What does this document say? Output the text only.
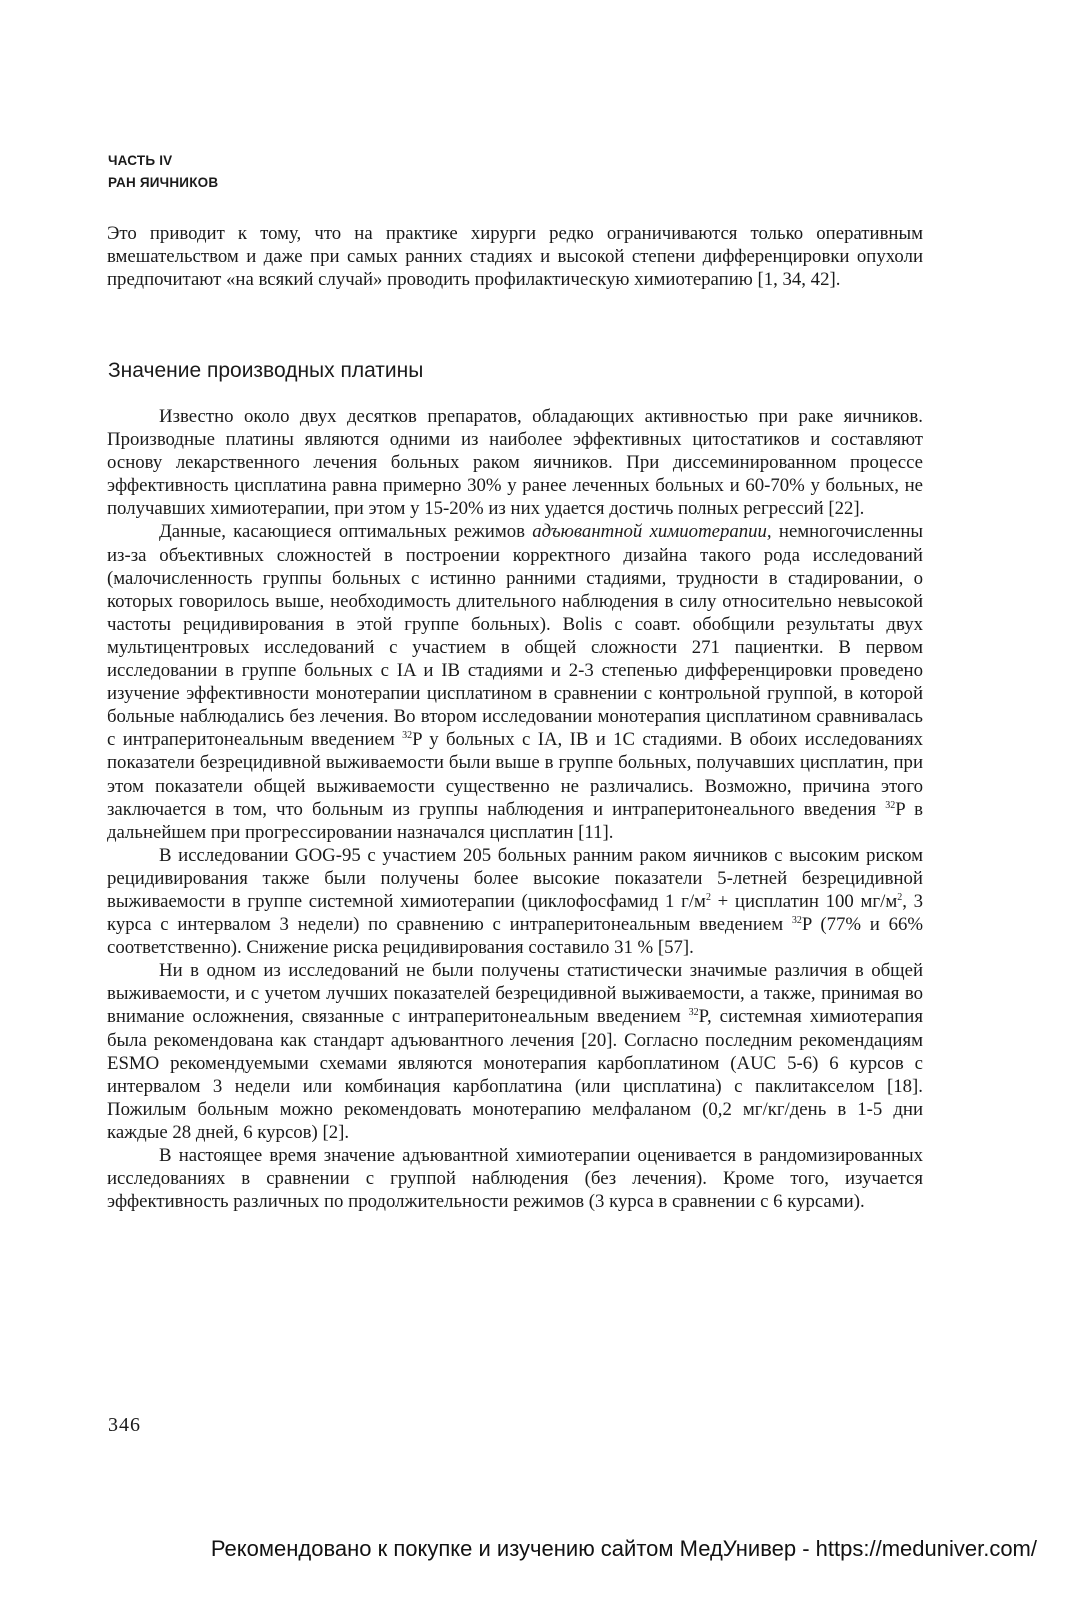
ЧАСТЬ IV
РАН ЯИЧНИКОВ

Это приводит к тому, что на практике хирурги редко ограничиваются только оперативным вмешательством и даже при самых ранних стадиях и высокой степени дифференцировки опухоли предпочитают «на всякий случай» проводить профилактическую химиотерапию [1, 34, 42].

Значение производных платины

Известно около двух десятков препаратов, обладающих активностью при раке яичников. Производные платины являются одними из наиболее эффективных цитостатиков и составляют основу лекарственного лечения больных раком яичников. При диссеминированном процессе эффективность цисплатина равна примерно 30% у ранее леченных больных и 60-70% у больных, не получавших химиотерапии, при этом у 15-20% из них удается достичь полных регрессий [22].

Данные, касающиеся оптимальных режимов адъювантной химиотерапии, немногочисленны из-за объективных сложностей в построении корректного дизайна такого рода исследований (малочисленность группы больных с истинно ранними стадиями, трудности в стадировании, о которых говорилось выше, необходимость длительного наблюдения в силу относительно невысокой частоты рецидивирования в этой группе больных). Bolis с соавт. обобщили результаты двух мультицентровых исследований с участием в общей сложности 271 пациентки. В первом исследовании в группе больных с IA и IB стадиями и 2-3 степенью дифференцировки проведено изучение эффективности монотерапии цисплатином в сравнении с контрольной группой, в которой больные наблюдались без лечения. Во втором исследовании монотерапия цисплатином сравнивалась с интраперитонеальным введением $^{32}$P у больных с IA, IB и 1C стадиями. В обоих исследованиях показатели безрецидивной выживаемости были выше в группе больных, получавших цисплатин, при этом показатели общей выживаемости существенно не различались. Возможно, причина этого заключается в том, что больным из группы наблюдения и интраперитонеального введения $^{32}$P в дальнейшем при прогрессировании назначался цисплатин [11].

В исследовании GOG-95 с участием 205 больных ранним раком яичников с высоким риском рецидивирования также были получены более высокие показатели 5-летней безрецидивной выживаемости в группе системной химиотерапии (циклофосфамид 1 $г/м^2$ + цисплатин 100 $мг/м^2$, 3 курса с интервалом 3 недели) по сравнению с интраперитонеальным введением $^{32}$P (77% и 66% соответственно). Снижение риска рецидивирования составило 31 % [57].

Ни в одном из исследований не были получены статистически значимые различия в общей выживаемости, и с учетом лучших показателей безрецидивной выживаемости, а также, принимая во внимание осложнения, связанные с интраперитонеальным введением $^{32}$P, системная химиотерапия была рекомендована как стандарт адъювантного лечения [20]. Согласно последним рекомендациям ESMO рекомендуемыми схемами являются монотерапия карбоплатином (AUC 5-6) 6 курсов с интервалом 3 недели или комбинация карбоплатина (или цисплатина) с паклитакселом [18]. Пожилым больным можно рекомендовать монотерапию мелфаланом (0,2 мг/кг/день в 1-5 дни каждые 28 дней, 6 курсов) [2].

В настоящее время значение адъювантной химиотерапии оценивается в рандомизированных исследованиях в сравнении с группой наблюдения (без лечения). Кроме того, изучается эффективность различных по продолжительности режимов (3 курса в сравнении с 6 курсами).

346
Рекомендовано к покупке и изучению сайтом МедУнивер - https://meduniver.com/
